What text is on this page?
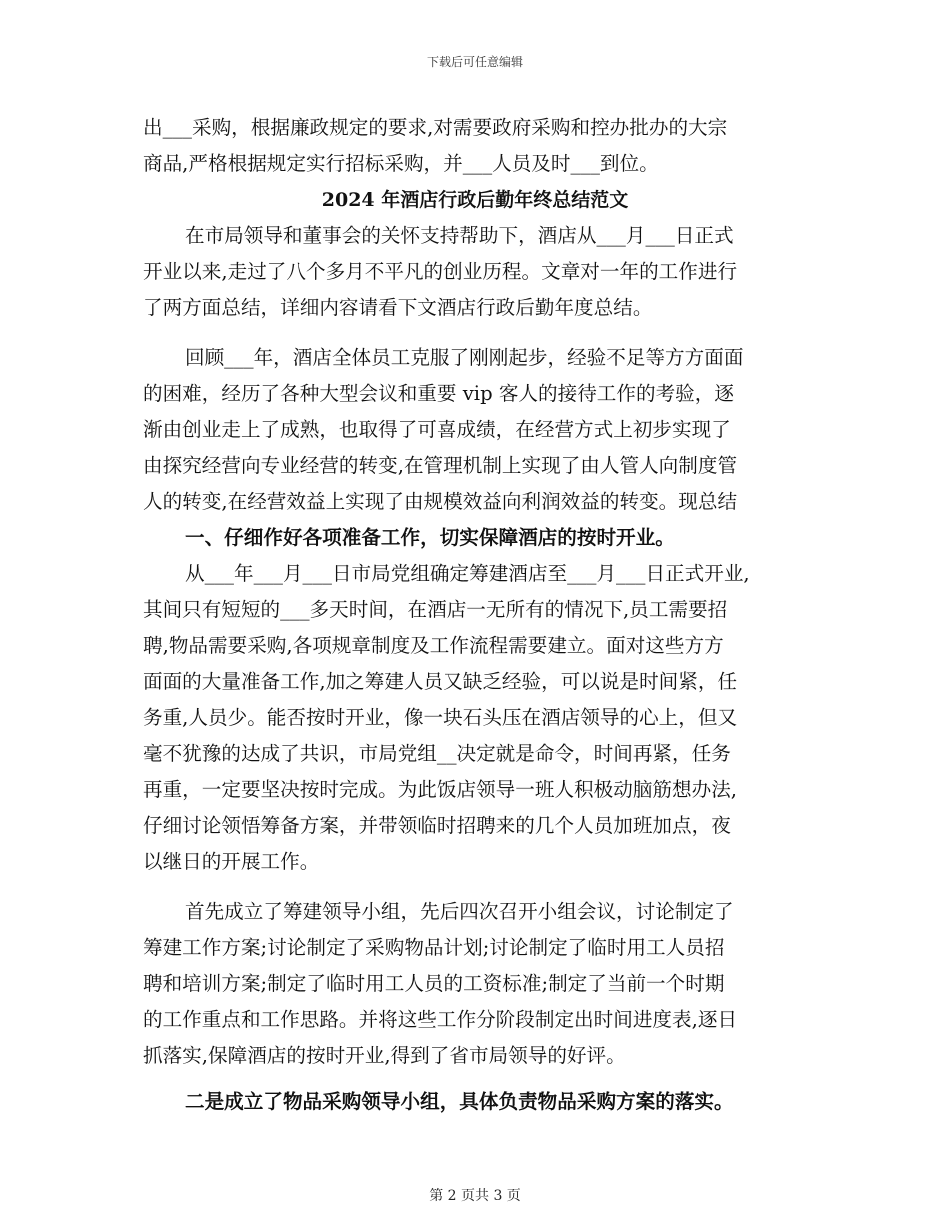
下载后可任意编辑
出___采购，根据廉政规定的要求,对需要政府采购和控办批办的大宗
商品,严格根据规定实行招标采购，并___人员及时___到位。
2024 年酒店行政后勤年终总结范文
在市局领导和董事会的关怀支持帮助下，酒店从___月___日正式
开业以来,走过了八个多月不平凡的创业历程。文章对一年的工作进行
了两方面总结，详细内容请看下文酒店行政后勤年度总结。
回顾___年，酒店全体员工克服了刚刚起步，经验不足等方方面面
的困难，经历了各种大型会议和重要 vip 客人的接待工作的考验，逐
渐由创业走上了成熟，也取得了可喜成绩，在经营方式上初步实现了
由探究经营向专业经营的转变,在管理机制上实现了由人管人向制度管
人的转变,在经营效益上实现了由规模效益向利润效益的转变。现总结
一、仔细作好各项准备工作，切实保障酒店的按时开业。
从___年___月___日市局党组确定筹建酒店至___月___日正式开业,
其间只有短短的___多天时间，在酒店一无所有的情况下,员工需要招
聘,物品需要采购,各项规章制度及工作流程需要建立。面对这些方方
面面的大量准备工作,加之筹建人员又缺乏经验，可以说是时间紧，任
务重,人员少。能否按时开业，像一块石头压在酒店领导的心上，但又
毫不犹豫的达成了共识，市局党组__决定就是命令，时间再紧，任务
再重，一定要坚决按时完成。为此饭店领导一班人积极动脑筋想办法,
仔细讨论领悟筹备方案，并带领临时招聘来的几个人员加班加点，夜
以继日的开展工作。
首先成立了筹建领导小组，先后四次召开小组会议，讨论制定了
筹建工作方案;讨论制定了采购物品计划;讨论制定了临时用工人员招
聘和培训方案;制定了临时用工人员的工资标准;制定了当前一个时期
的工作重点和工作思路。并将这些工作分阶段制定出时间进度表,逐日
抓落实,保障酒店的按时开业,得到了省市局领导的好评。
二是成立了物品采购领导小组，具体负责物品采购方案的落实。
第 2 页共 3 页
